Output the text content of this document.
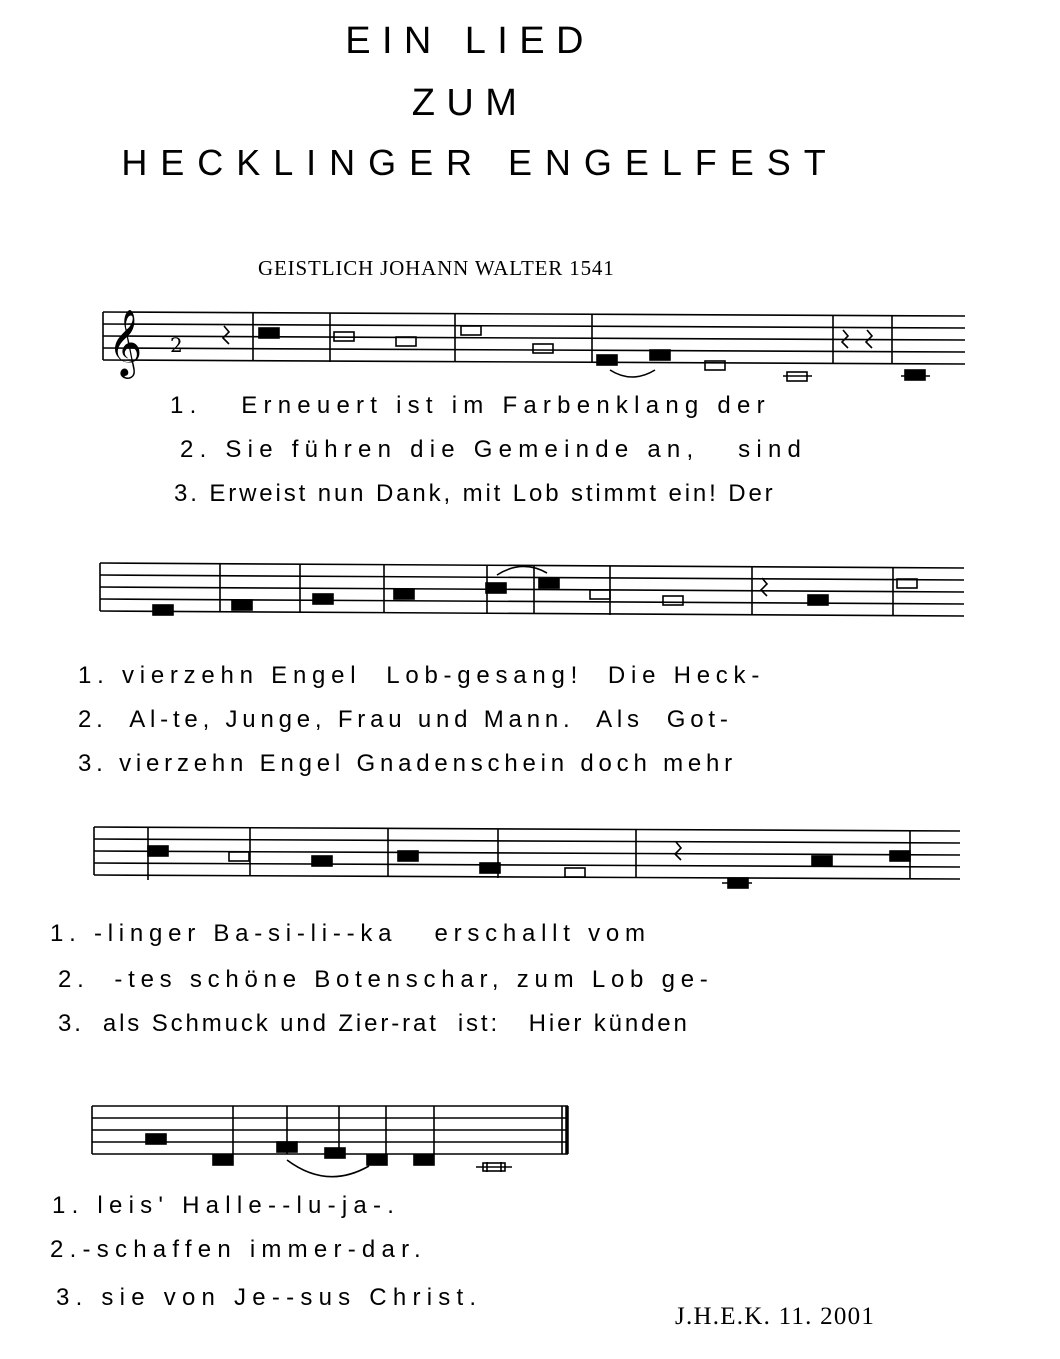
EIN LIED
ZUM
HECKLINGER ENGELFEST
GEISTLICH JOHANN WALTER 1541
𝄞 2
1.   Erneuert ist im Farbenklang der
2. Sie führen die Gemeinde an,   sind
3. Erweist nun Dank, mit Lob stimmt ein! Der
1. vierzehn Engel  Lob-gesang!  Die Heck-
2.  Al-te, Junge, Frau und Mann.  Als  Got-
3. vierzehn Engel Gnadenschein doch mehr
1. -linger Ba-si-li--ka   erschallt vom
2.  -tes schöne Botenschar, zum Lob ge-
3.  als Schmuck und Zier-rat  ist:   Hier künden
1. leis' Halle--lu-ja-.
2.-schaffen immer-dar.
3. sie von Je--sus Christ.
J.H.E.K. 11. 2001
